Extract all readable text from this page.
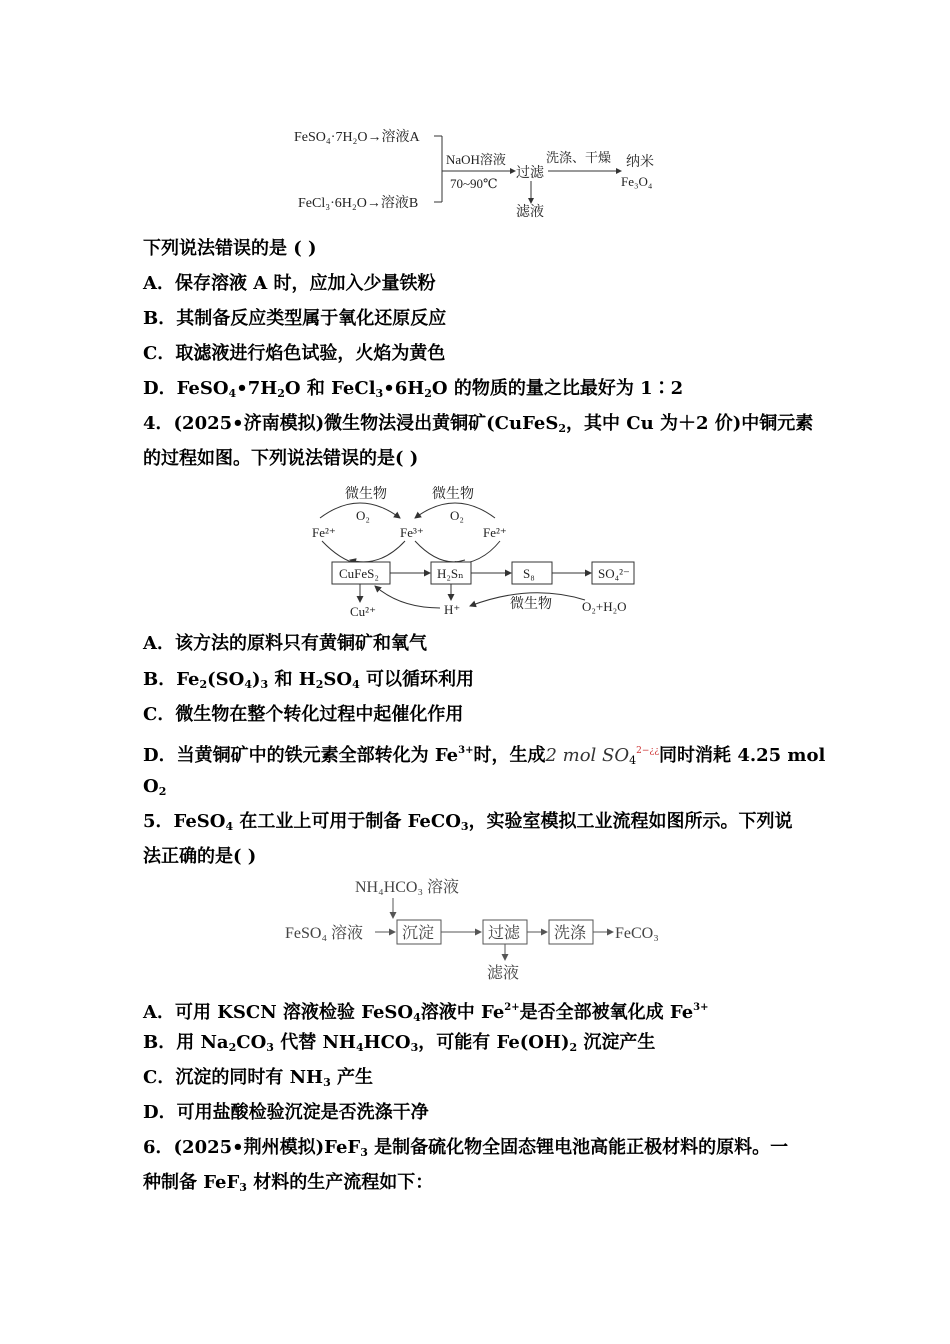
FeSO₄·7H₂O→溶液A
FeCl₃·6H₂O→溶液B
NaOH溶液
70~90℃
过滤
滤液
洗涤、干燥 纳米
Fe₃O₄
下列说法错误的是 ( )
A．保存溶液 A 时，应加入少量铁粉
B．其制备反应类型属于氧化还原反应
C．取滤液进行焰色试验，火焰为黄色
D．$FeSO_4•7H_2O$ 和 $FeCl_3•6H_2O$ 的物质的量之比最好为 1∶2
4．(2025•济南模拟)微生物法浸出黄铜矿(CuFeS$_2$，其中 Cu 为＋2 价)中铜元素
的过程如图。下列说法错误的是( )
微生物	微生物
O₂	O₂
Fe²⁺	Fe³⁺	Fe²⁺
CuFeS₂	H₂Sₙ	S₈	SO₄²⁻
Cu²⁺	H⁺	微生物 O₂+H₂O
A．该方法的原料只有黄铜矿和氧气
B．$Fe_2(SO_4)_3$ 和 $H_2SO_4$ 可以循环利用
C．微生物在整个转化过程中起催化作用
D．当黄铜矿中的铁元素全部转化为 $Fe^{3+}$时，生成2 mol $SO_4^{2-¿¿}$同时消耗 4.25 mol
$O_2$
5．FeSO$_4$ 在工业上可用于制备 FeCO$_3$，实验室模拟工业流程如图所示。下列说
法正确的是( )
NH₄HCO₃ 溶液
FeSO₄ 溶液 沉淀	过滤 洗涤 FeCO₃
滤液
A．可用 KSCN 溶液检验 FeSO$_4$溶液中 $Fe^{2+}$是否全部被氧化成 $Fe^{3+}$
B．用 $Na_2CO_3$ 代替 $NH_4HCO_3$，可能有 $Fe(OH)_2$ 沉淀产生
C．沉淀的同时有 $NH_3$ 产生
D．可用盐酸检验沉淀是否洗涤干净
6．(2025•荆州模拟)FeF$_3$ 是制备硫化物全固态锂电池高能正极材料的原料。一
种制备 FeF$_3$ 材料的生产流程如下：
